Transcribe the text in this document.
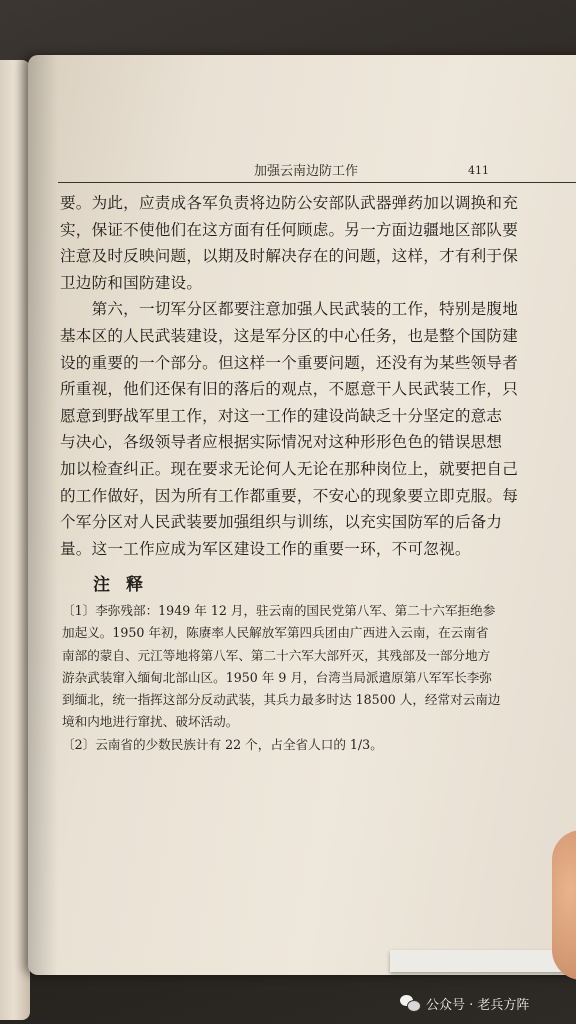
加强云南边防工作	411
要。为此，应责成各军负责将边防公安部队武器弹药加以调换和充
实，保证不使他们在这方面有任何顾虑。另一方面边疆地区部队要
注意及时反映问题，以期及时解决存在的问题，这样，才有利于保
卫边防和国防建设。
　　第六，一切军分区都要注意加强人民武装的工作，特别是腹地
基本区的人民武装建设，这是军分区的中心任务，也是整个国防建
设的重要的一个部分。但这样一个重要问题，还没有为某些领导者
所重视，他们还保有旧的落后的观点，不愿意干人民武装工作，只
愿意到野战军里工作，对这一工作的建设尚缺乏十分坚定的意志
与决心，各级领导者应根据实际情况对这种形形色色的错误思想
加以检查纠正。现在要求无论何人无论在那种岗位上，就要把自己
的工作做好，因为所有工作都重要，不安心的现象要立即克服。每
个军分区对人民武装要加强组织与训练，以充实国防军的后备力
量。这一工作应成为军区建设工作的重要一环，不可忽视。
注释
〔1〕李弥残部：1949 年 12 月，驻云南的国民党第八军、第二十六军拒绝参
加起义。1950 年初，陈赓率人民解放军第四兵团由广西进入云南，在云南省
南部的蒙自、元江等地将第八军、第二十六军大部歼灭，其残部及一部分地方
游杂武装窜入缅甸北部山区。1950 年 9 月，台湾当局派遣原第八军军长李弥
到缅北，统一指挥这部分反动武装，其兵力最多时达 18500 人，经常对云南边
境和内地进行窜扰、破坏活动。
〔2〕云南省的少数民族计有 22 个，占全省人口的 1/3。
公众号 · 老兵方阵
